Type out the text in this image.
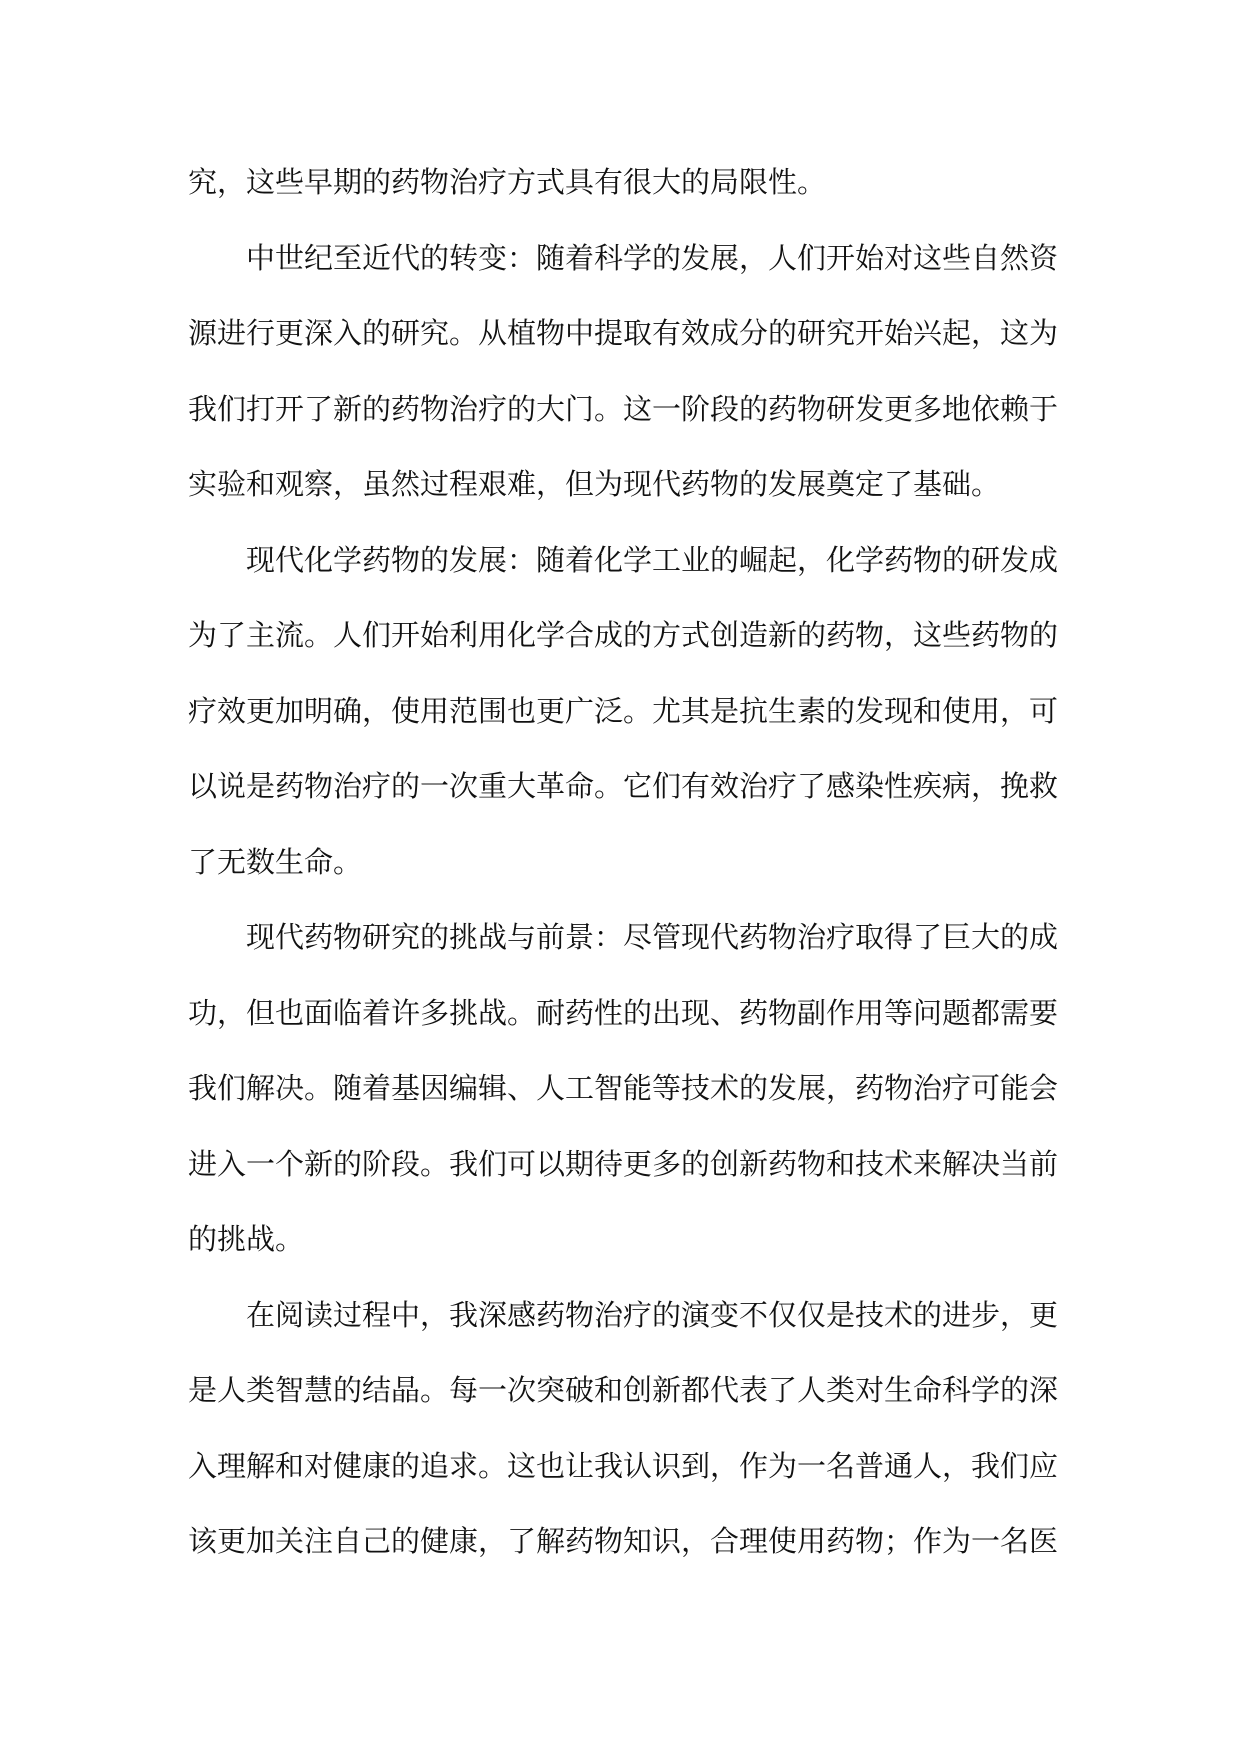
究，这些早期的药物治疗方式具有很大的局限性。

中世纪至近代的转变：随着科学的发展，人们开始对这些自然资源进行更深入的研究。从植物中提取有效成分的研究开始兴起，这为我们打开了新的药物治疗的大门。这一阶段的药物研发更多地依赖于实验和观察，虽然过程艰难，但为现代药物的发展奠定了基础。

现代化学药物的发展：随着化学工业的崛起，化学药物的研发成为了主流。人们开始利用化学合成的方式创造新的药物，这些药物的疗效更加明确，使用范围也更广泛。尤其是抗生素的发现和使用，可以说是药物治疗的一次重大革命。它们有效治疗了感染性疾病，挽救了无数生命。

现代药物研究的挑战与前景：尽管现代药物治疗取得了巨大的成功，但也面临着许多挑战。耐药性的出现、药物副作用等问题都需要我们解决。随着基因编辑、人工智能等技术的发展，药物治疗可能会进入一个新的阶段。我们可以期待更多的创新药物和技术来解决当前的挑战。

在阅读过程中，我深感药物治疗的演变不仅仅是技术的进步，更是人类智慧的结晶。每一次突破和创新都代表了人类对生命科学的深入理解和对健康的追求。这也让我认识到，作为一名普通人，我们应该更加关注自己的健康，了解药物知识，合理使用药物；作为一名医
